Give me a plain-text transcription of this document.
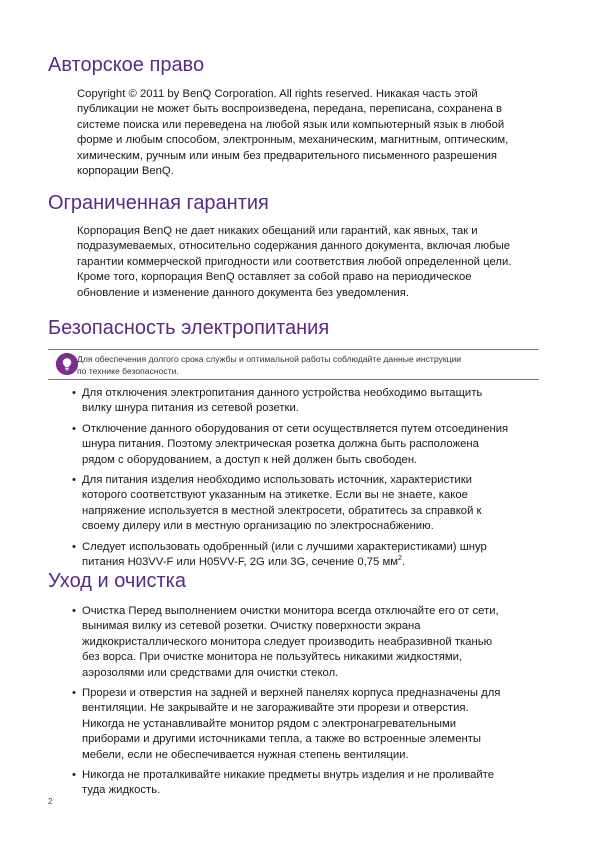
Авторское право
Copyright © 2011 by BenQ Corporation. All rights reserved. Никакая часть этой
публикации не может быть воспроизведена, передана, переписана, сохранена в
системе поиска или переведена на любой язык или компьютерный язык в любой
форме и любым способом, электронным, механическим, магнитным, оптическим,
химическим, ручным или иным без предварительного письменного разрешения
корпорации BenQ.
Ограниченная гарантия
Корпорация BenQ не дает никаких обещаний или гарантий, как явных, так и
подразумеваемых, относительно содержания данного документа, включая любые
гарантии коммерческой пригодности или соответствия любой определенной цели.
Кроме того, корпорация BenQ оставляет за собой право на периодическое
обновление и изменение данного документа без уведомления.
Безопасность электропитания
Для обеспечения долгого срока службы и оптимальной работы соблюдайте данные инструкции
по технике безопасности.
• Для отключения электропитания данного устройства необходимо вытащить
вилку шнура питания из сетевой розетки.
• Отключение данного оборудования от сети осуществляется путем отсоединения
шнура питания. Поэтому электрическая розетка должна быть расположена
рядом с оборудованием, а доступ к ней должен быть свободен.
• Для питания изделия необходимо использовать источник, характеристики
которого соответствуют указанным на этикетке. Если вы не знаете, какое
напряжение используется в местной электросети, обратитесь за справкой к
своему дилеру или в местную организацию по электроснабжению.
• Следует использовать одобренный (или с лучшими характеристиками) шнур
питания H03VV-F или H05VV-F, 2G или 3G, сечение 0,75 $мм^2$.
Уход и очистка
• Очистка Перед выполнением очистки монитора всегда отключайте его от сети,
вынимая вилку из сетевой розетки. Очистку поверхности экрана
жидкокристаллического монитора следует производить неабразивной тканью
без ворса. При очистке монитора не пользуйтесь никакими жидкостями,
аэрозолями или средствами для очистки стекол.
• Прорези и отверстия на задней и верхней панелях корпуса предназначены для
вентиляции. Не закрывайте и не загораживайте эти прорези и отверстия.
Никогда не устанавливайте монитор рядом с электронагревательными
приборами и другими источниками тепла, а также во встроенные элементы
мебели, если не обеспечивается нужная степень вентиляции.
• Никогда не проталкивайте никакие предметы внутрь изделия и не проливайте
туда жидкость.
2
